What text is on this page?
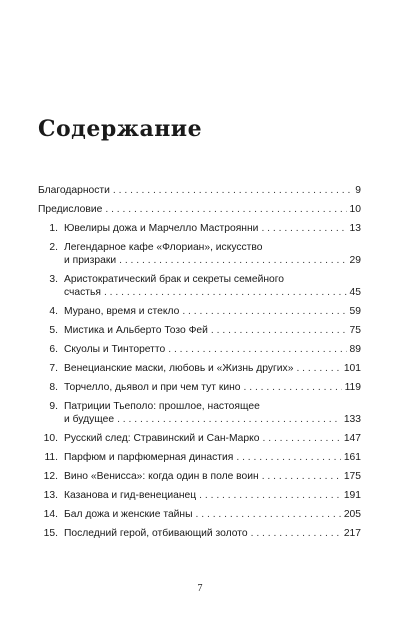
Содержание
Благодарности . . .	9
Предисловие . . .	10
1. Ювелиры дожа и Марчелло Мастроянни . . .	13
2. Легендарное кафе «Флориан», искусство
и призраки . . .	29
3. Аристократический брак и секреты семейного
счастья . . .	45
4. Мурано, время и стекло . . .	59
5. Мистика и Альберто Тозо Фей . . .	75
6. Скуолы и Тинторетто . . .	89
7. Венецианские маски, любовь и «Жизнь других» . . .	101
8. Торчелло, дьявол и при чем тут кино . . .	119
9. Патриции Тьеполо: прошлое, настоящее
и будущее . . .	133
10. Русский след: Стравинский и Сан-Марко . . .	147
11. Парфюм и парфюмерная династия . . .	161
12. Вино «Венисса»: когда один в поле воин . . .	175
13. Казанова и гид-венецианец . . .	191
14. Бал дожа и женские тайны . . .	205
15. Последний герой, отбивающий золото . . .	217
7
